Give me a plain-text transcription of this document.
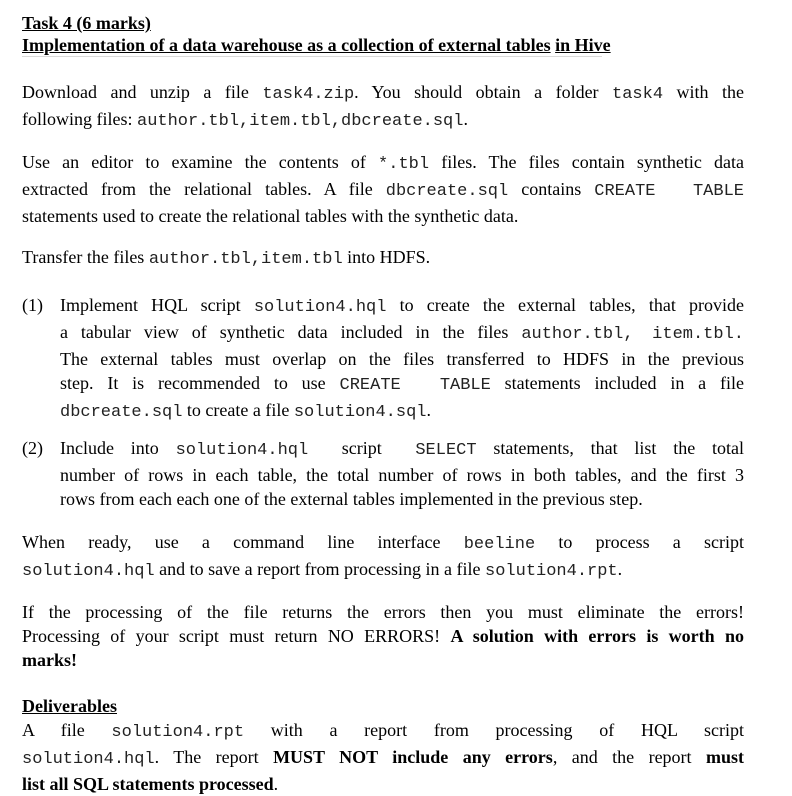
Task 4 (6 marks)
Implementation of a data warehouse as a collection of external tables in Hive
Download and unzip a file task4.zip. You should obtain a folder task4 with the
following files: author.tbl,item.tbl,dbcreate.sql.
Use an editor to examine the contents of *.tbl files. The files contain synthetic data
extracted from the relational tables. A file dbcreate.sql contains CREATE  TABLE
statements used to create the relational tables with the synthetic data.
Transfer the files author.tbl,item.tbl into HDFS.
(1) Implement HQL script solution4.hql to create the external tables, that provide
a tabular view of synthetic data included in the files author.tbl, item.tbl.
The external tables must overlap on the files transferred to HDFS in the previous
step. It is recommended to use CREATE  TABLE statements included in a file
dbcreate.sql to create a file solution4.sql.
(2) Include into solution4.hql  script  SELECT statements, that list the total
number of rows in each table, the total number of rows in both tables, and the first 3
rows from each each one of the external tables implemented in the previous step.
When  ready,  use  a  command  line  interface  beeline  to  process  a  script
solution4.hql and to save a report from processing in a file solution4.rpt.
If the processing of the file returns the errors then you must eliminate the errors!
Processing of your script must return NO ERRORS! A solution with errors is worth no
marks!
Deliverables
A  file  solution4.rpt  with  a  report  from  processing  of  HQL  script
solution4.hql. The report MUST NOT include any errors, and the report must
list all SQL statements processed.
